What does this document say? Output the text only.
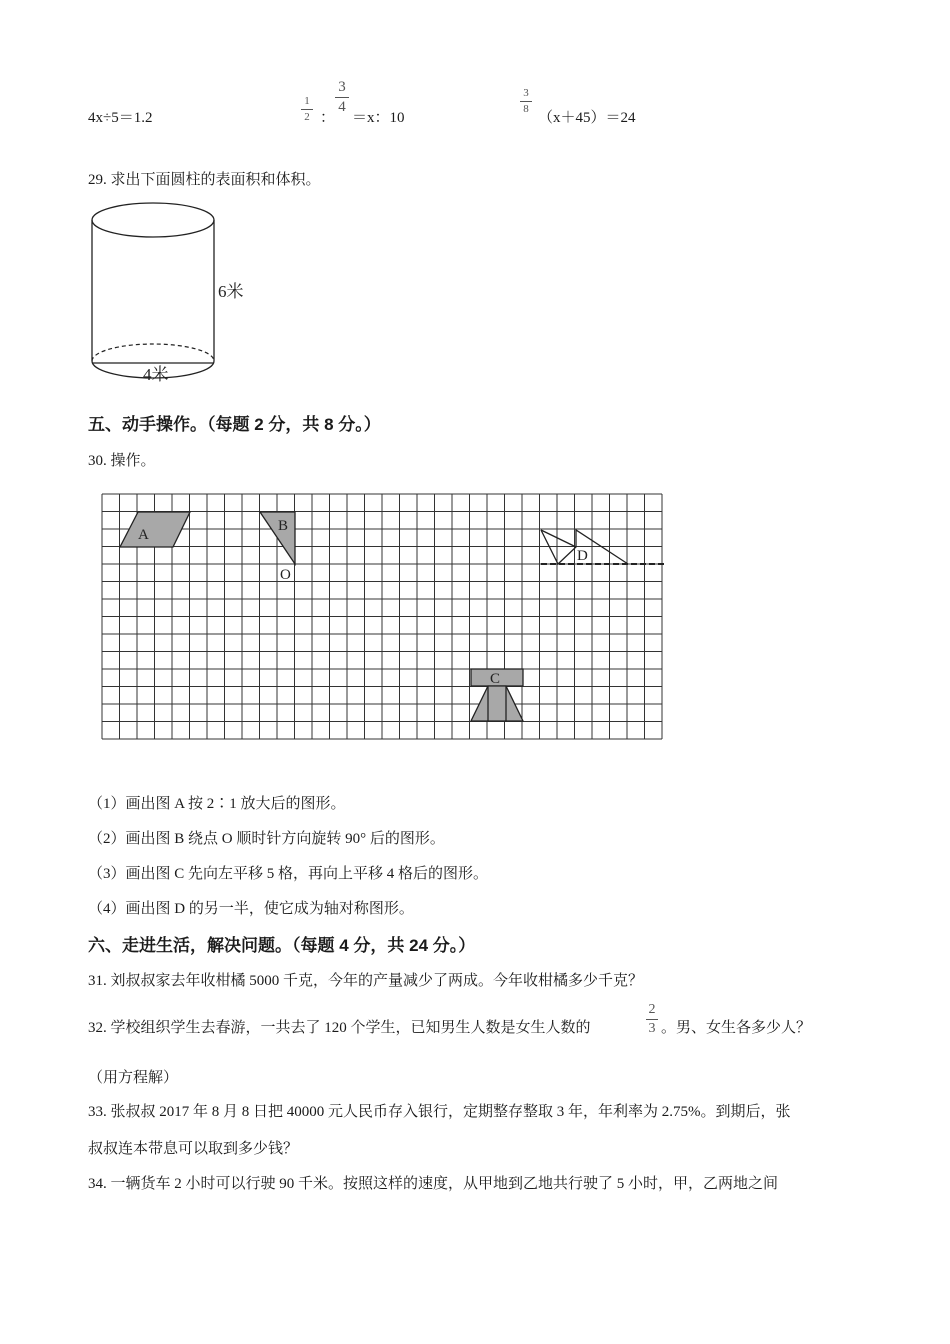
4x÷5＝1.2
1
2 ：
3
4
＝x：10
3
8
（x＋45）＝24
29. 求出下面圆柱的表面积和体积。
6米
4米
五、动手操作。（每题 2 分，共 8 分。）
30. 操作。
A
B
O
D
C
（1）画出图 A 按 2∶1 放大后的图形。
（2）画出图 B 绕点 O 顺时针方向旋转 90° 后的图形。
（3）画出图 C 先向左平移 5 格，再向上平移 4 格后的图形。
（4）画出图 D 的另一半，使它成为轴对称图形。
六、走进生活，解决问题。（每题 4 分，共 24 分。）
31. 刘叔叔家去年收柑橘 5000 千克，今年的产量减少了两成。今年收柑橘多少千克？
32. 学校组织学生去春游，一共去了 120 个学生，已知男生人数是女生人数的
2
3 。男、女生各多少人？
（用方程解）
33. 张叔叔 2017 年 8 月 8 日把 40000 元人民币存入银行，定期整存整取 3 年，年利率为 2.75%。到期后，张
叔叔连本带息可以取到多少钱？
34. 一辆货车 2 小时可以行驶 90 千米。按照这样的速度，从甲地到乙地共行驶了 5 小时，甲，乙两地之间
